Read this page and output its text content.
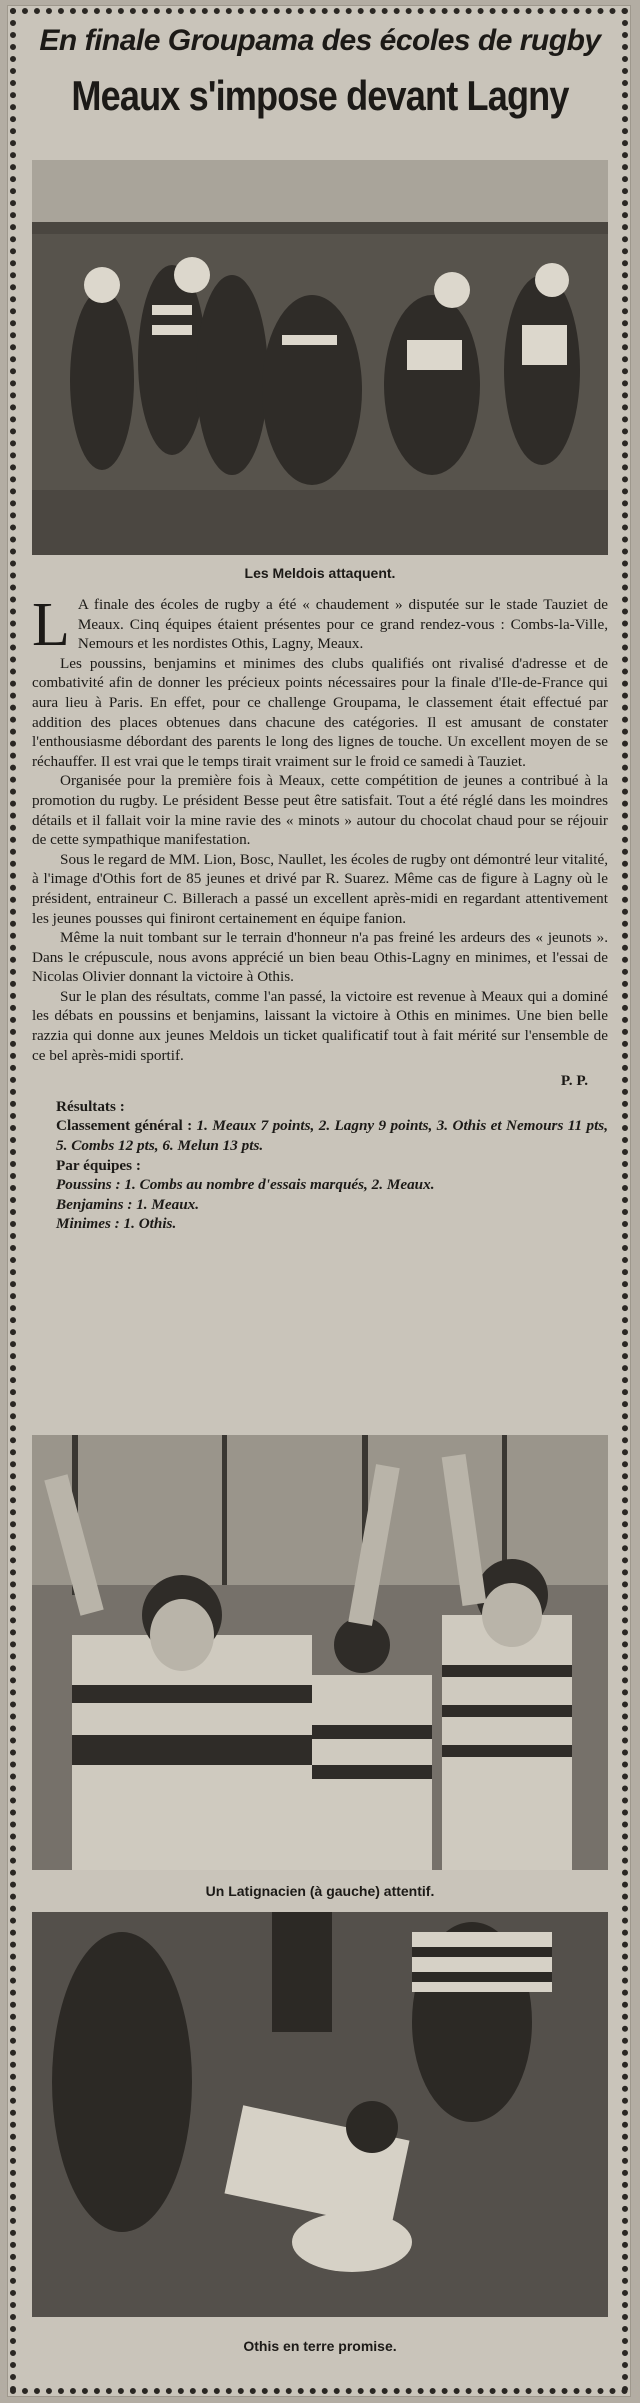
En finale Groupama des écoles de rugby
Meaux s'impose devant Lagny
Les Meldois attaquent.

L A finale des écoles de rugby a été « chaudement » disputée sur le stade Tauziet de Meaux. Cinq équipes étaient présentes pour ce grand rendez-vous : Combs-la-Ville, Nemours et les nordistes Othis, Lagny, Meaux.

Les poussins, benjamins et minimes des clubs qualifiés ont rivalisé d'adresse et de combativité afin de donner les précieux points nécessaires pour la finale d'Ile-de-France qui aura lieu à Paris. En effet, pour ce challenge Groupama, le classement était effectué par addition des places obtenues dans chacune des catégories. Il est amusant de constater l'enthousiasme débordant des parents le long des lignes de touche. Un excellent moyen de se réchauffer. Il est vrai que le temps tirait vraiment sur le froid ce samedi à Tauziet.

Organisée pour la première fois à Meaux, cette compétition de jeunes a contribué à la promotion du rugby. Le président Besse peut être satisfait. Tout a été réglé dans les moindres détails et il fallait voir la mine ravie des « minots » autour du chocolat chaud pour se réjouir de cette sympathique manifestation.

Sous le regard de MM. Lion, Bosc, Naullet, les écoles de rugby ont démontré leur vitalité, à l'image d'Othis fort de 85 jeunes et drivé par R. Suarez. Même cas de figure à Lagny où le président, entraineur C. Billerach a passé un excellent après-midi en regardant attentivement les jeunes pousses qui finiront certainement en équipe fanion.

Même la nuit tombant sur le terrain d'honneur n'a pas freiné les ardeurs des « jeunots ». Dans le crépuscule, nous avons apprécié un bien beau Othis-Lagny en minimes, et l'essai de Nicolas Olivier donnant la victoire à Othis.

Sur le plan des résultats, comme l'an passé, la victoire est revenue à Meaux qui a dominé les débats en poussins et benjamins, laissant la victoire à Othis en minimes. Une bien belle razzia qui donne aux jeunes Meldois un ticket qualificatif tout à fait mérité sur l'ensemble de ce bel après-midi sportif.

P. P.
Résultats :
Classement général : 1. Meaux 7 points, 2. Lagny 9 points, 3. Othis et Nemours 11 pts, 5. Combs 12 pts, 6. Melun 13 pts.
Par équipes :
Poussins : 1. Combs au nombre d'essais marqués, 2. Meaux.
Benjamins : 1. Meaux.
Minimes : 1. Othis.
Un Latignacien (à gauche) attentif.
Othis en terre promise.
